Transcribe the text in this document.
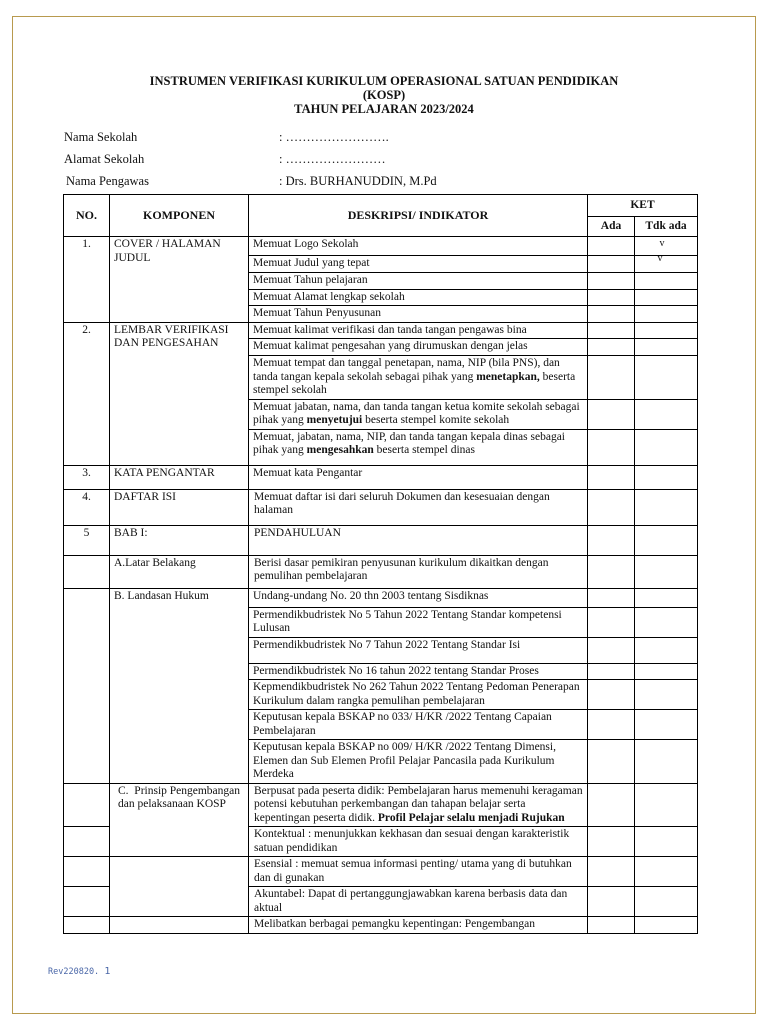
INSTRUMEN VERIFIKASI KURIKULUM OPERASIONAL SATUAN PENDIDIKAN
(KOSP)
TAHUN PELAJARAN 2023/2024
Nama Sekolah	: …………………….
Alamat Sekolah	: ……………………
Nama Pengawas	: Drs. BURHANUDDIN, M.Pd
NO.	KOMPONEN	DESKRIPSI/ INDIKATOR	KET	
			Ada	Tdk ada
1.	COVER / HALAMAN JUDUL	Memuat Logo Sekolah		v
		Memuat Judul yang tepat		v
		Memuat Tahun pelajaran		
		Memuat Alamat lengkap sekolah		
		Memuat Tahun Penyusunan		
2.	LEMBAR VERIFIKASI DAN PENGESAHAN	Memuat kalimat verifikasi dan tanda tangan pengawas bina		
		Memuat kalimat pengesahan yang dirumuskan dengan jelas		
		Memuat tempat dan tanggal penetapan, nama, NIP (bila PNS), dan tanda tangan kepala sekolah sebagai pihak yang menetapkan, beserta stempel sekolah		
		Memuat jabatan, nama, dan tanda tangan ketua komite sekolah sebagai pihak yang menyetujui beserta stempel komite sekolah		
		Memuat, jabatan, nama, NIP, dan tanda tangan kepala dinas sebagai pihak yang mengesahkan beserta stempel dinas		
3.	KATA PENGANTAR	Memuat kata Pengantar		
4.	DAFTAR ISI	Memuat daftar isi dari seluruh Dokumen dan kesesuaian dengan halaman		
5	BAB I:	PENDAHULUAN		
	A.Latar Belakang	Berisi dasar pemikiran penyusunan kurikulum dikaitkan dengan pemulihan pembelajaran		
	B. Landasan Hukum	Undang-undang No. 20 thn 2003 tentang Sisdiknas		
		Permendikbudristek No 5 Tahun 2022 Tentang Standar kompetensi Lulusan		
		Permendikbudristek No 7 Tahun 2022 Tentang Standar Isi		
		Permendikbudristek No 16 tahun 2022 tentang Standar Proses		
		Kepmendikbudristek No 262 Tahun 2022 Tentang Pedoman Penerapan Kurikulum dalam rangka pemulihan pembelajaran		
		Keputusan kepala BSKAP no 033/ H/KR /2022 Tentang Capaian Pembelajaran		
		Keputusan kepala BSKAP no 009/ H/KR /2022 Tentang Dimensi, Elemen dan Sub Elemen Profil Pelajar Pancasila pada Kurikulum Merdeka		
	C. Prinsip Pengembangan dan pelaksanaan KOSP	Berpusat pada peserta didik: Pembelajaran harus memenuhi keragaman potensi kebutuhan perkembangan dan tahapan belajar serta kepentingan peserta didik. Profil Pelajar selalu menjadi Rujukan		
		Kontektual : menunjukkan kekhasan dan sesuai dengan karakteristik satuan pendidikan		
		Esensial : memuat semua informasi penting/ utama yang di butuhkan dan di gunakan		
		Akuntabel: Dapat di pertanggungjawabkan karena berbasis data dan aktual		
		Melibatkan berbagai pemangku kepentingan: Pengembangan		
Rev220820. 1
